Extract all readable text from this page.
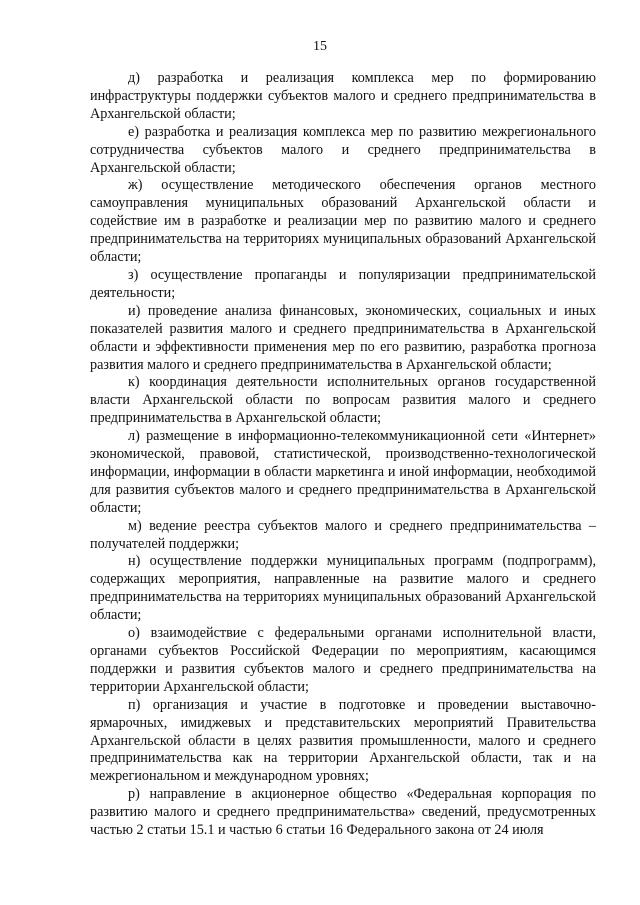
15

д) разработка и реализация комплекса мер по формированию инфраструктуры поддержки субъектов малого и среднего предпринимательства в Архангельской области;

е) разработка и реализация комплекса мер по развитию межрегионального сотрудничества субъектов малого и среднего предпринимательства в Архангельской области;

ж) осуществление методического обеспечения органов местного самоуправления муниципальных образований Архангельской области и содействие им в разработке и реализации мер по развитию малого и среднего предпринимательства на территориях муниципальных образований Архангельской области;

з) осуществление пропаганды и популяризации предпринимательской деятельности;

и) проведение анализа финансовых, экономических, социальных и иных показателей развития малого и среднего предпринимательства в Архангельской области и эффективности применения мер по его развитию, разработка прогноза развития малого и среднего предпринимательства в Архангельской области;

к) координация деятельности исполнительных органов государственной власти Архангельской области по вопросам развития малого и среднего предпринимательства в Архангельской области;

л) размещение в информационно-телекоммуникационной сети «Интернет» экономической, правовой, статистической, производственно-технологической информации, информации в области маркетинга и иной информации, необходимой для развития субъектов малого и среднего предпринимательства в Архангельской области;

м) ведение реестра субъектов малого и среднего предпринимательства – получателей поддержки;

н) осуществление поддержки муниципальных программ (подпрограмм), содержащих мероприятия, направленные на развитие малого и среднего предпринимательства на территориях муниципальных образований Архангельской области;

о) взаимодействие с федеральными органами исполнительной власти, органами субъектов Российской Федерации по мероприятиям, касающимся поддержки и развития субъектов малого и среднего предпринимательства на территории Архангельской области;

п) организация и участие в подготовке и проведении выставочно-ярмарочных, имиджевых и представительских мероприятий Правительства Архангельской области в целях развития промышленности, малого и среднего предпринимательства как на территории Архангельской области, так и на межрегиональном и международном уровнях;

р) направление в акционерное общество «Федеральная корпорация по развитию малого и среднего предпринимательства» сведений, предусмотренных частью 2 статьи 15.1 и частью 6 статьи 16 Федерального закона от 24 июля
